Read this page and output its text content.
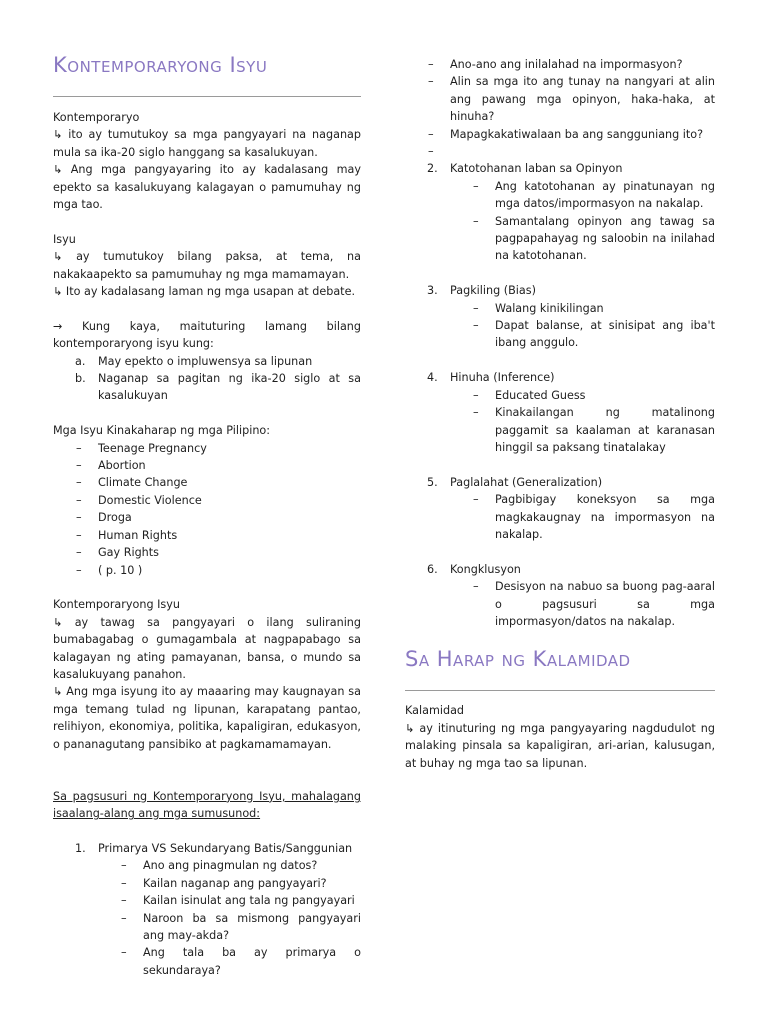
Kontemporaryong Isyu

Kontemporaryo

↳ ito ay tumutukoy sa mga pangyayari na naganap mula sa ika-20 siglo hanggang sa kasalukuyan.

↳ Ang mga pangyayaring ito ay kadalasang may epekto sa kasalukuyang kalagayan o pamumuhay ng mga tao.

Isyu

↳ ay tumutukoy bilang paksa, at tema, na nakakaapekto sa pamumuhay ng mga mamamayan.

↳ Ito ay kadalasang laman ng mga usapan at debate.

→ Kung kaya, maituturing lamang bilang kontemporaryong isyu kung:

a. May epekto o impluwensya sa lipunan
b. Naganap sa pagitan ng ika-20 siglo at sa kasalukuyan

Mga Isyu Kinakaharap ng mga Pilipino:

– Teenage Pregnancy
– Abortion
– Climate Change
– Domestic Violence
– Droga
– Human Rights
– Gay Rights
– ( p. 10 )

Kontemporaryong Isyu

↳ ay tawag sa pangyayari o ilang suliraning bumabagabag o gumagambala at nagpapabago sa kalagayan ng ating pamayanan, bansa, o mundo sa kasalukuyang panahon.

↳ Ang mga isyung ito ay maaaring may kaugnayan sa mga temang tulad ng lipunan, karapatang pantao, relihiyon, ekonomiya, politika, kapaligiran, edukasyon, o pananagutang pansibiko at pagkamamamayan.

Sa pagsusuri ng Kontemporaryong Isyu, mahalagang isaalang-alang ang mga sumusunod:

1. Primarya VS Sekundaryang Batis/Sanggunian
– Ano ang pinagmulan ng datos?
– Kailan naganap ang pangyayari?
– Kailan isinulat ang tala ng pangyayari
– Naroon ba sa mismong pangyayari ang may-akda?
– Ang tala ba ay primarya o sekundaraya?
– Ano-ano ang inilalahad na impormasyon?
– Alin sa mga ito ang tunay na nangyari at alin ang pawang mga opinyon, haka-haka, at hinuha?
– Mapagkakatiwalaan ba ang sangguniang ito?
–
2. Katotohanan laban sa Opinyon
– Ang katotohanan ay pinatunayan ng mga datos/impormasyon na nakalap.
– Samantalang opinyon ang tawag sa pagpapahayag ng saloobin na inilahad na katotohanan.
3. Pagkiling (Bias)
– Walang kinikilingan
– Dapat balanse, at sinisipat ang iba't ibang anggulo.
4. Hinuha (Inference)
– Educated Guess
– Kinakailangan ng matalinong paggamit sa kaalaman at karanasan hinggil sa paksang tinatalakay
5. Paglalahat (Generalization)
– Pagbibigay koneksyon sa mga magkakaugnay na impormasyon na nakalap.
6. Kongklusyon
– Desisyon na nabuo sa buong pag-aaral o pagsusuri sa mga impormasyon/datos na nakalap.
Sa Harap ng Kalamidad

Kalamidad

↳ ay itinuturing ng mga pangyayaring nagdudulot ng malaking pinsala sa kapaligiran, ari-arian, kalusugan, at buhay ng mga tao sa lipunan.
